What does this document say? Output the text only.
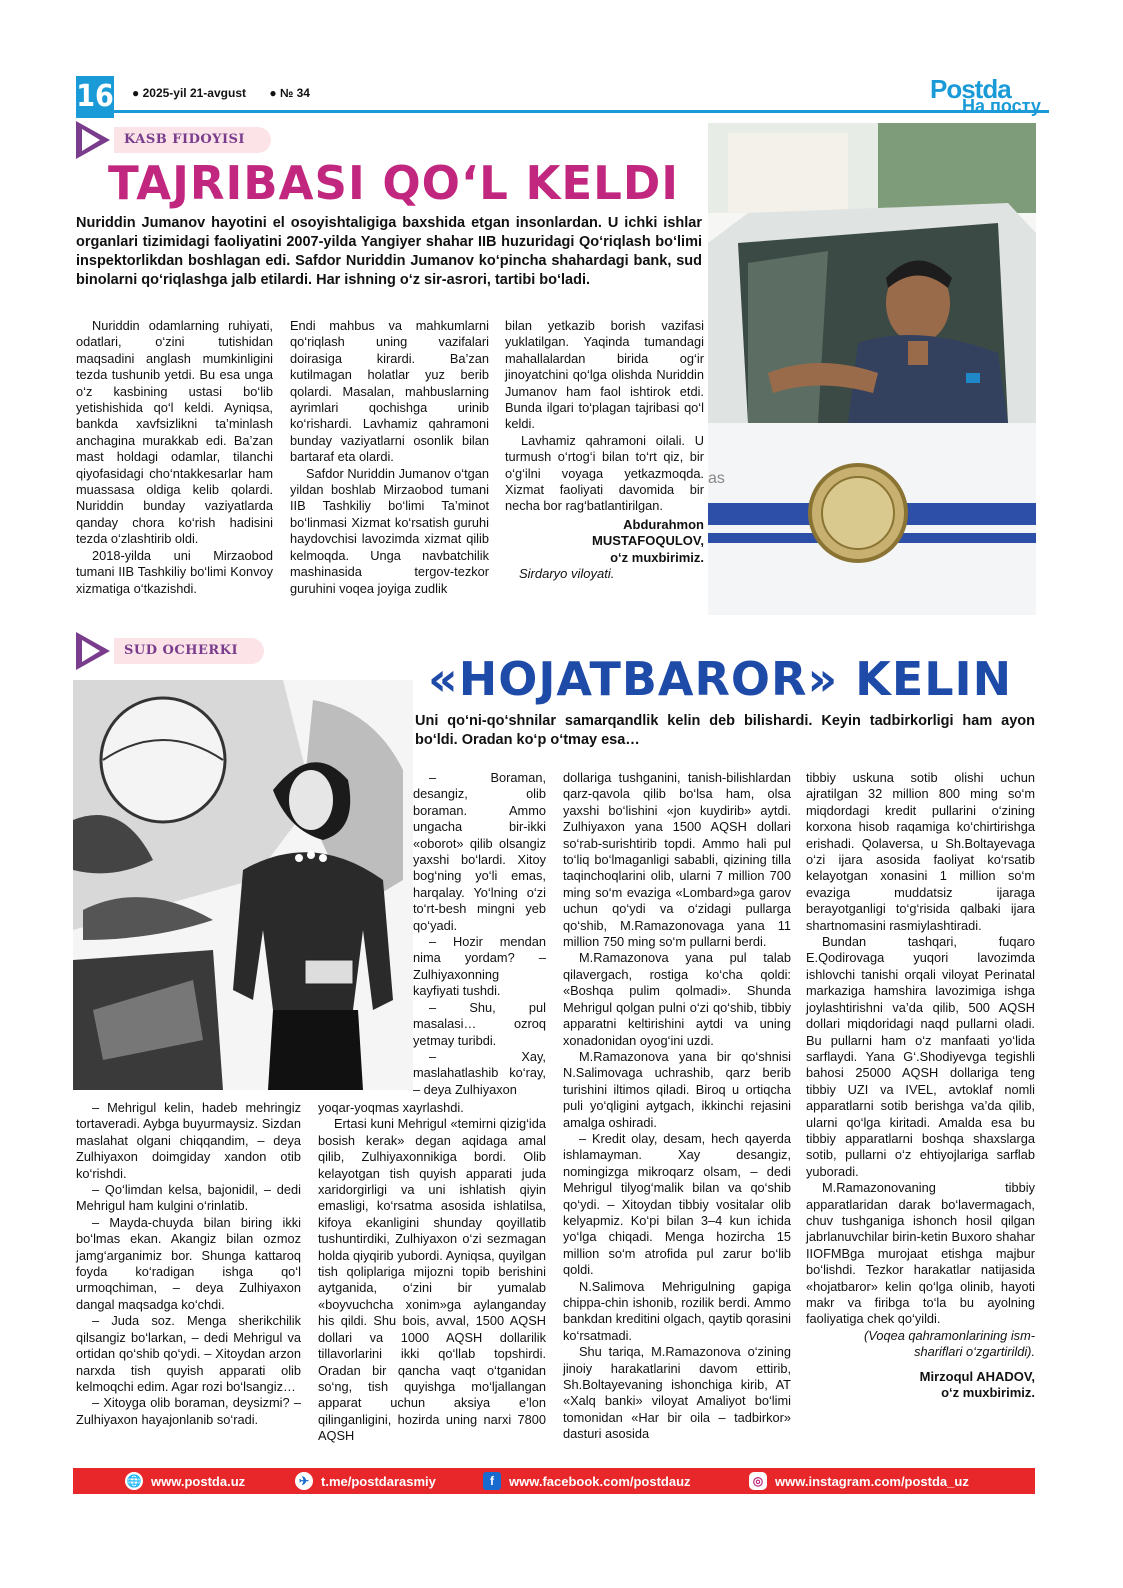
16 ● 2025-yil 21-avgust ● № 34	Postda
На посту
KASB FIDOYISI
TAJRIBASI QO‘L KELDI
Nuriddin Jumanov hayotini el osoyishtaligiga baxshida etgan insonlardan. U ichki ishlar organlari tizimidagi faoliyatini 2007-yilda Yangiyer shahar IIB huzuridagi Qo‘riqlash bo‘limi inspektorlikdan boshlagan edi. Safdor Nuriddin Jumanov ko‘pincha shahardagi bank, sud binolarni qo‘riqlashga jalb etilardi. Har ishning o‘z sir-asrori, tartibi bo‘ladi.

Nuriddin odamlarning ruhiyati, odatlari, o‘zini tutishidan maqsadini anglash mumkinligini tezda tushunib yetdi. Bu esa unga o‘z kasbining ustasi bo‘lib yetishishida qo‘l keldi. Ayniqsa, bankda xavfsizlikni ta’minlash anchagina murakkab edi. Ba’zan mast holdagi odamlar, tilanchi qiyofasidagi cho‘ntakkesarlar ham muassasa oldiga kelib qolardi. Nuriddin bunday vaziyatlarda qanday chora ko‘rish hadisini tezda o‘zlashtirib oldi.

2018-yilda uni Mirzaobod tumani IIB Tashkiliy bo‘limi Konvoy xizmatiga o‘tkazishdi.

Endi mahbus va mahkumlarni qo‘riqlash uning vazifalari doirasiga kirardi. Ba’zan kutilmagan holatlar yuz berib qolardi. Masalan, mahbuslarning ayrimlari qochishga urinib ko‘rishardi. Lavhamiz qahramoni bunday vaziyatlarni osonlik bilan bartaraf eta olardi.

Safdor Nuriddin Jumanov o‘tgan yildan boshlab Mirzaobod tumani IIB Tashkiliy bo‘limi Ta’minot bo‘linmasi Xizmat ko‘rsatish guruhi haydovchisi lavozimda xizmat qilib kelmoqda. Unga navbatchilik mashinasida tergov-tezkor guruhini voqea joyiga zudlik

bilan yetkazib borish vazifasi yuklatilgan. Yaqinda tumandagi mahallalardan birida og‘ir jinoyatchini qo‘lga olishda Nuriddin Jumanov ham faol ishtirok etdi. Bunda ilgari to‘plagan tajribasi qo‘l keldi.

Lavhamiz qahramoni oilali. U turmush o‘rtog‘i bilan to‘rt qiz, bir o‘g‘ilni voyaga yetkazmoqda. Xizmat faoliyati davomida bir necha bor rag‘batlantirilgan.

Abdurahmon
MUSTAFOQULOV,
o‘z muxbirimiz.
Sirdaryo viloyati.
as
SUD OCHERKI
«HOJATBAROR» KELIN
Uni qo‘ni-qo‘shnilar samarqandlik kelin deb bilishardi. Keyin tadbirkorligi ham ayon bo‘ldi. Oradan ko‘p o‘tmay esa…

– Boraman, desangiz, olib boraman. Ammo ungacha bir-ikki «oborot» qilib olsangiz yaxshi bo‘lardi. Xitoy bog‘ning yo‘li emas, harqalay. Yo‘lning o‘zi to‘rt-besh mingni yeb qo‘yadi.

– Hozir mendan nima yordam? – Zulhiyaxonning kayfiyati tushdi.

– Shu, pul masalasi… ozroq yetmay turibdi.

– Xay, maslahatlashib ko‘ray, – deya Zulhiyaxon

– Mehrigul kelin, hadeb mehringiz tortaveradi. Aybga buyurmaysiz. Sizdan maslahat olgani chiqqandim, – deya Zulhiyaxon doimgiday xandon otib ko‘rishdi.

– Qo‘limdan kelsa, bajonidil, – dedi Mehrigul ham kulgini o‘rinlatib.

– Mayda-chuyda bilan biring ikki bo‘lmas ekan. Akangiz bilan ozmoz jamg‘arganimiz bor. Shunga kattaroq foyda ko‘radigan ishga qo‘l urmoqchiman, – deya Zulhiyaxon dangal maqsadga ko‘chdi.

– Juda soz. Menga sherikchilik qilsangiz bo‘larkan, – dedi Mehrigul va ortidan qo‘shib qo‘ydi. – Xitoydan arzon narxda tish quyish apparati olib kelmoqchi edim. Agar rozi bo‘lsangiz…

– Xitoyga olib boraman, deysizmi? – Zulhiyaxon hayajonlanib so‘radi.

yoqar-yoqmas xayrlashdi.

Ertasi kuni Mehrigul «temirni qizig‘ida bosish kerak» degan aqidaga amal qilib, Zulhiyaxonnikiga bordi. Olib kelayotgan tish quyish apparati juda xaridorgirligi va uni ishlatish qiyin emasligi, ko‘rsatma asosida ishlatilsa, kifoya ekanligini shunday qoyillatib tushuntirdiki, Zulhiyaxon o‘zi sezmagan holda qiyqirib yubordi. Ayniqsa, quyilgan tish qoliplariga mijozni topib berishini aytganida, o‘zini bir yumalab «boyvuchcha xonim»ga aylanganday his qildi. Shu bois, avval, 1500 AQSH dollari va 1000 AQSH dollarilik tillavorlarini ikki qo‘llab topshirdi. Oradan bir qancha vaqt o‘tganidan so‘ng, tish quyishga mo‘ljallangan apparat uchun aksiya e’lon qilinganligini, hozirda uning narxi 7800 AQSH

dollariga tushganini, tanish-bilishlardan qarz-qavola qilib bo‘lsa ham, olsa yaxshi bo‘lishini «jon kuydirib» aytdi. Zulhiyaxon yana 1500 AQSH dollari so‘rab-surishtirib topdi. Ammo hali pul to‘liq bo‘lmaganligi sababli, qizining tilla taqinchoqlarini olib, ularni 7 million 700 ming so‘m evaziga «Lombard»ga garov uchun qo‘ydi va o‘zidagi pullarga qo‘shib, M.Ramazonovaga yana 11 million 750 ming so‘m pullarni berdi.

M.Ramazonova yana pul talab qilavergach, rostiga ko‘cha qoldi: «Boshqa pulim qolmadi». Shunda Mehrigul qolgan pulni o‘zi qo‘shib, tibbiy apparatni keltirishini aytdi va uning xonadonidan oyog‘ini uzdi.

M.Ramazonova yana bir qo‘shnisi N.Salimovaga uchrashib, qarz berib turishini iltimos qiladi. Biroq u ortiqcha puli yo‘qligini aytgach, ikkinchi rejasini amalga oshiradi.

– Kredit olay, desam, hech qayerda ishlamayman. Xay desangiz, nomingizga mikroqarz olsam, – dedi Mehrigul tilyog‘malik bilan va qo‘shib qo‘ydi. – Xitoydan tibbiy vositalar olib kelyapmiz. Ko‘pi bilan 3–4 kun ichida yo‘lga chiqadi. Menga hozircha 15 million so‘m atrofida pul zarur bo‘lib qoldi.

N.Salimova Mehrigulning gapiga chippa-chin ishonib, rozilik berdi. Ammo bankdan kreditini olgach, qaytib qorasini ko‘rsatmadi.

Shu tariqa, M.Ramazonova o‘zining jinoiy harakatlarini davom ettirib, Sh.Boltayevaning ishonchiga kirib, AT «Xalq banki» viloyat Amaliyot bo‘limi tomonidan «Har bir oila – tadbirkor» dasturi asosida

tibbiy uskuna sotib olishi uchun ajratilgan 32 million 800 ming so‘m miqdordagi kredit pullarini o‘zining korxona hisob raqamiga ko‘chirtirishga erishadi. Qolaversa, u Sh.Boltayevaga o‘zi ijara asosida faoliyat ko‘rsatib kelayotgan xonasini 1 million so‘m evaziga muddatsiz ijaraga berayotganligi to‘g‘risida qalbaki ijara shartnomasini rasmiylashtiradi.

Bundan tashqari, fuqaro E.Qodirovaga yuqori lavozimda ishlovchi tanishi orqali viloyat Perinatal markaziga hamshira lavozimiga ishga joylashtirishni va’da qilib, 500 AQSH dollari miqdoridagi naqd pullarni oladi. Bu pullarni ham o‘z manfaati yo‘lida sarflaydi. Yana G‘.Shodiyevga tegishli bahosi 25000 AQSH dollariga teng tibbiy UZI va IVEL, avtoklaf nomli apparatlarni sotib berishga va’da qilib, ularni qo‘lga kiritadi. Amalda esa bu tibbiy apparatlarni boshqa shaxslarga sotib, pullarni o‘z ehtiyojlariga sarflab yuboradi.

M.Ramazonovaning tibbiy apparatlaridan darak bo‘lavermagach, chuv tushganiga ishonch hosil qilgan jabrlanuvchilar birin-ketin Buxoro shahar IIOFMBga murojaat etishga majbur bo‘lishdi. Tezkor harakatlar natijasida «hojatbaror» kelin qo‘lga olinib, hayoti makr va firibga to‘la bu ayolning faoliyatiga chek qo‘yildi.

(Voqea qahramonlarining ism-shariflari o‘zgartirildi).

Mirzoqul AHADOV,
o‘z muxbirimiz.
🌐 www.postda.uz	✈ t.me/postdarasmiy	f	www.facebook.com/postdauz	◎ www.instagram.com/postda_uz
